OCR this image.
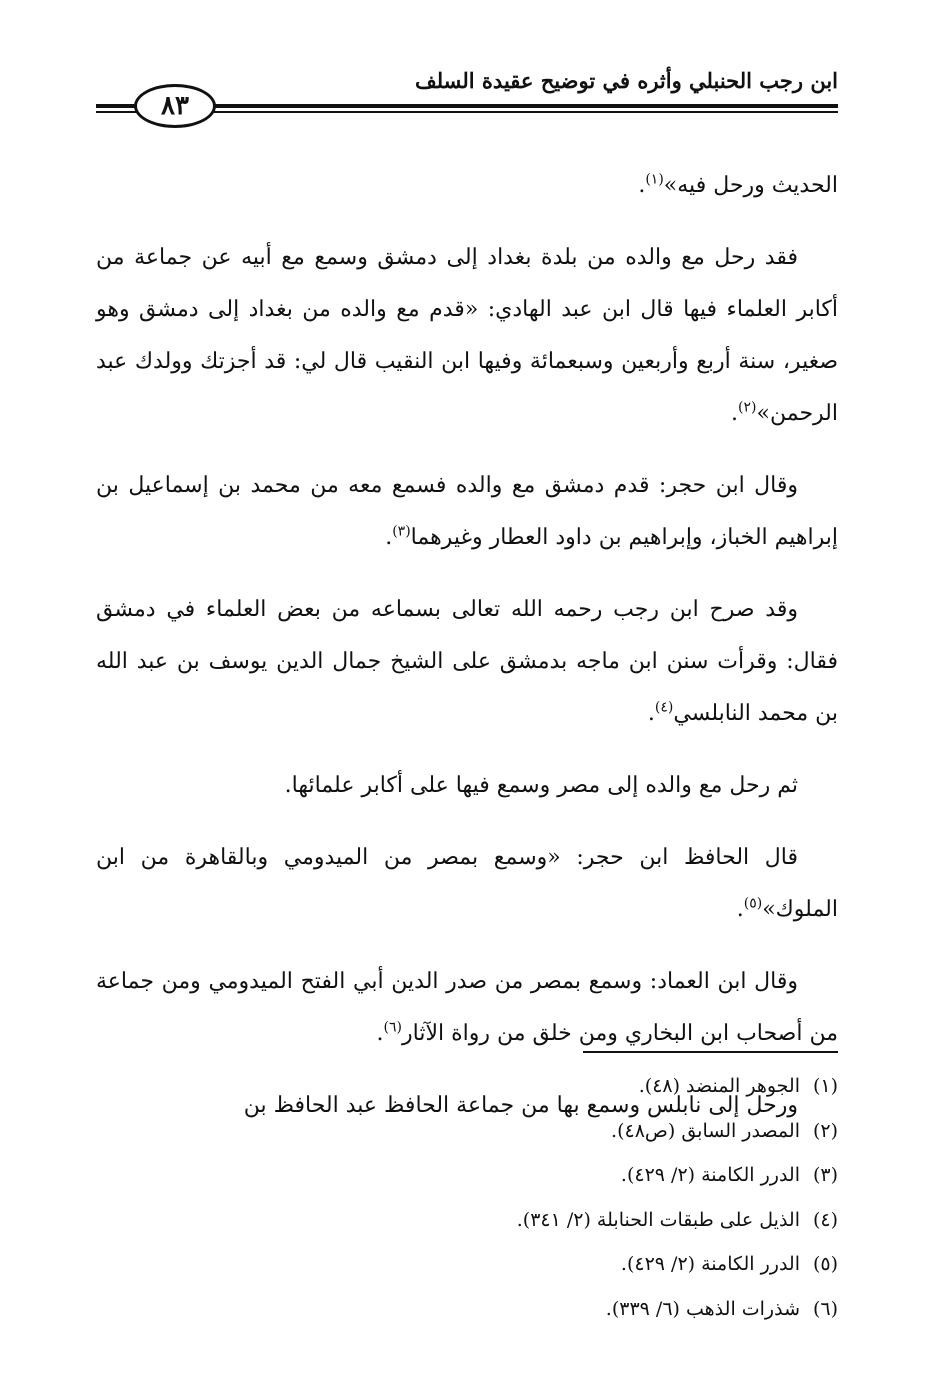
ابن رجب الحنبلي وأثره في توضيح عقيدة السلف
٨٣

الحديث ورحل فيه»$^{(١)}$.

فقد رحل مع والده من بلدة بغداد إلى دمشق وسمع مع أبيه عن جماعة من أكابر العلماء فيها قال ابن عبد الهادي: «قدم مع والده من بغداد إلى دمشق وهو صغير، سنة أربع وأربعين وسبعمائة وفيها ابن النقيب قال لي: قد أجزتك وولدك عبد الرحمن»$^{(٢)}$.

وقال ابن حجر: قدم دمشق مع والده فسمع معه من محمد بن إسماعيل بن إبراهيم الخباز، وإبراهيم بن داود العطار وغيرهما$^{(٣)}$.

وقد صرح ابن رجب رحمه الله تعالى بسماعه من بعض العلماء في دمشق فقال: وقرأت سنن ابن ماجه بدمشق على الشيخ جمال الدين يوسف بن عبد الله بن محمد النابلسي$^{(٤)}$.

ثم رحل مع والده إلى مصر وسمع فيها على أكابر علمائها.

قال الحافظ ابن حجر: «وسمع بمصر من الميدومي وبالقاهرة من ابن الملوك»$^{(٥)}$.

وقال ابن العماد: وسمع بمصر من صدر الدين أبي الفتح الميدومي ومن جماعة من أصحاب ابن البخاري ومن خلق من رواة الآثار$^{(٦)}$.

ورحل إلى نابلس وسمع بها من جماعة الحافظ عبد الحافظ بن

(١)الجوهر المنضد (٤٨).
(٢)المصدر السابق (ص٤٨).
(٣)الدرر الكامنة (٢/ ٤٢٩).
(٤)الذيل على طبقات الحنابلة (٢/ ٣٤١).
(٥)الدرر الكامنة (٢/ ٤٢٩).
(٦)شذرات الذهب (٦/ ٣٣٩).
